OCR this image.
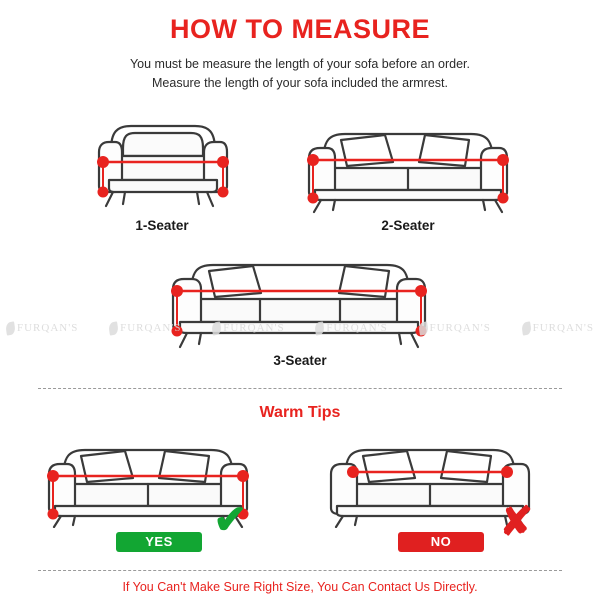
HOW TO MEASURE
You must be measure the length of your sofa before an order.
Measure the length of your sofa included the armrest.
1-Seater	2-Seater
3-Seater
FURQAN'S	FURQAN'S	FURQAN'S	FURQAN'S	FURQAN'S	FURQAN'S
Warm Tips
✔
YES	✘
NO
If You Can't Make Sure Right Size, You Can Contact Us Directly.
